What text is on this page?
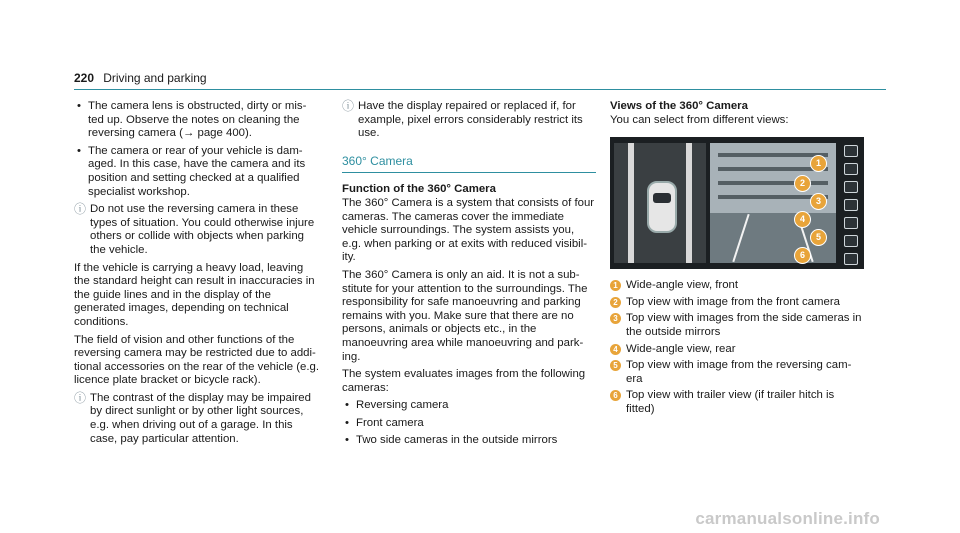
220 Driving and parking
• The camera lens is obstructed, dirty or mis-ted up. Observe the notes on cleaning the reversing camera (→ page 400).
• The camera or rear of your vehicle is dam-aged. In this case, have the camera and its position and setting checked at a qualified specialist workshop.
ⓘ Do not use the reversing camera in these types of situation. You could otherwise injure others or collide with objects when parking the vehicle.

If the vehicle is carrying a heavy load, leaving the standard height can result in inaccuracies in the guide lines and in the display of the generated images, depending on technical conditions.

The field of vision and other functions of the reversing camera may be restricted due to addi-tional accessories on the rear of the vehicle (e.g. licence plate bracket or bicycle rack).

ⓘ The contrast of the display may be impaired by direct sunlight or by other light sources, e.g. when driving out of a garage. In this case, pay particular attention.
ⓘ Have the display repaired or replaced if, for example, pixel errors considerably restrict its use.
360° Camera
Function of the 360° Camera

The 360° Camera is a system that consists of four cameras. The cameras cover the immediate vehicle surroundings. The system assists you, e.g. when parking or at exits with reduced visibil-ity.

The 360° Camera is only an aid. It is not a sub-stitute for your attention to the surroundings. The responsibility for safe manoeuvring and parking remains with you. Make sure that there are no persons, animals or objects etc., in the manoeuvring area while manoeuvring and park-ing.

The system evaluates images from the following cameras:

• Reversing camera
• Front camera
• Two side cameras in the outside mirrors
Views of the 360° Camera

You can select from different views:

1
2
3
4
5
6
1 Wide-angle view, front
2 Top view with image from the front camera
3 Top view with images from the side cameras in the outside mirrors
4 Wide-angle view, rear
5 Top view with image from the reversing cam-era
6 Top view with trailer view (if trailer hitch is fitted)
carmanualsonline.info
